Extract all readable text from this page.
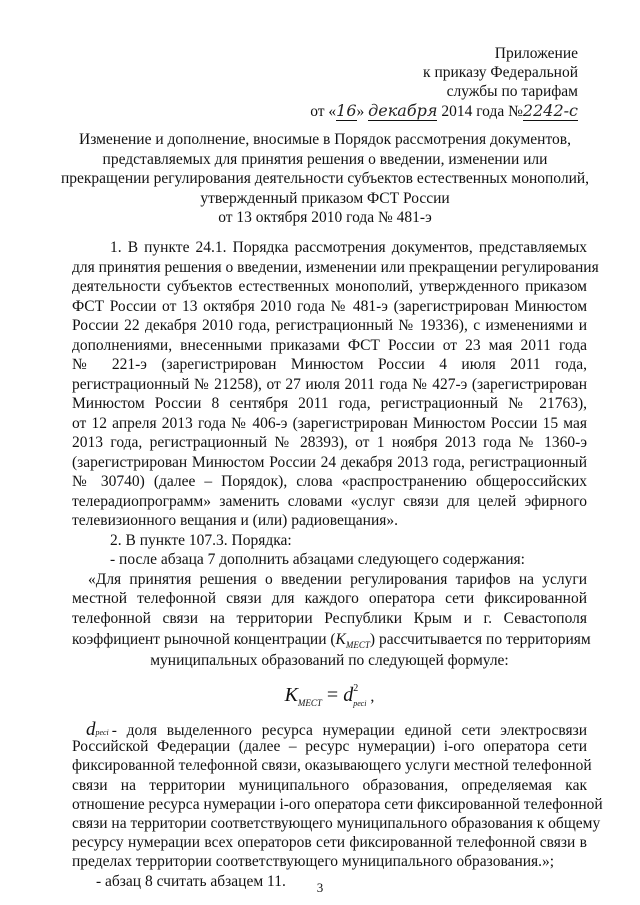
Приложение
к приказу Федеральной
службы по тарифам
от «16» декабря 2014 года №2242-с
Изменение и дополнение, вносимые в Порядок рассмотрения документов,
представляемых для принятия решения о введении, изменении или
прекращении регулирования деятельности субъектов естественных монополий,
утвержденный приказом ФСТ России
от 13 октября 2010 года № 481-э
1. В пункте 24.1. Порядка рассмотрения документов, представляемых
для принятия решения о введении, изменении или прекращении регулирования
деятельности субъектов естественных монополий, утвержденного приказом
ФСТ России от 13 октября 2010 года № 481-э (зарегистрирован Минюстом
России 22 декабря 2010 года, регистрационный № 19336), с изменениями и
дополнениями, внесенными приказами ФСТ России от 23 мая 2011 года
№ 221-э (зарегистрирован Минюстом России 4 июля 2011 года,
регистрационный № 21258), от 27 июля 2011 года № 427-э (зарегистрирован
Минюстом России 8 сентября 2011 года, регистрационный № 21763),
от 12 апреля 2013 года № 406-э (зарегистрирован Минюстом России 15 мая
2013 года, регистрационный № 28393), от 1 ноября 2013 года № 1360-э
(зарегистрирован Минюстом России 24 декабря 2013 года, регистрационный
№ 30740) (далее – Порядок), слова «распространению общероссийских
телерадиопрограмм» заменить словами «услуг связи для целей эфирного
телевизионного вещания и (или) радиовещания».
2. В пункте 107.3. Порядка:
- после абзаца 7 дополнить абзацами следующего содержания:
«Для принятия решения о введении регулирования тарифов на услуги
местной телефонной связи для каждого оператора сети фиксированной
телефонной связи на территории Республики Крым и г. Севастополя
коэффициент рыночной концентрации $(K_{МЕСТ})$ рассчитывается по территориям
муниципальных образований по следующей формуле:
$K_{МЕСТ} = d^2_{ресi}$ ,
d ресi - доля выделенного ресурса нумерации единой сети электросвязи
Российской Федерации (далее – ресурс нумерации) i-ого оператора сети
фиксированной телефонной связи, оказывающего услуги местной телефонной
связи на территории муниципального образования, определяемая как
отношение ресурса нумерации i-ого оператора сети фиксированной телефонной
связи на территории соответствующего муниципального образования к общему
ресурсу нумерации всех операторов сети фиксированной телефонной связи в
пределах территории соответствующего муниципального образования.»;
3
- абзац 8 считать абзацем 11.
